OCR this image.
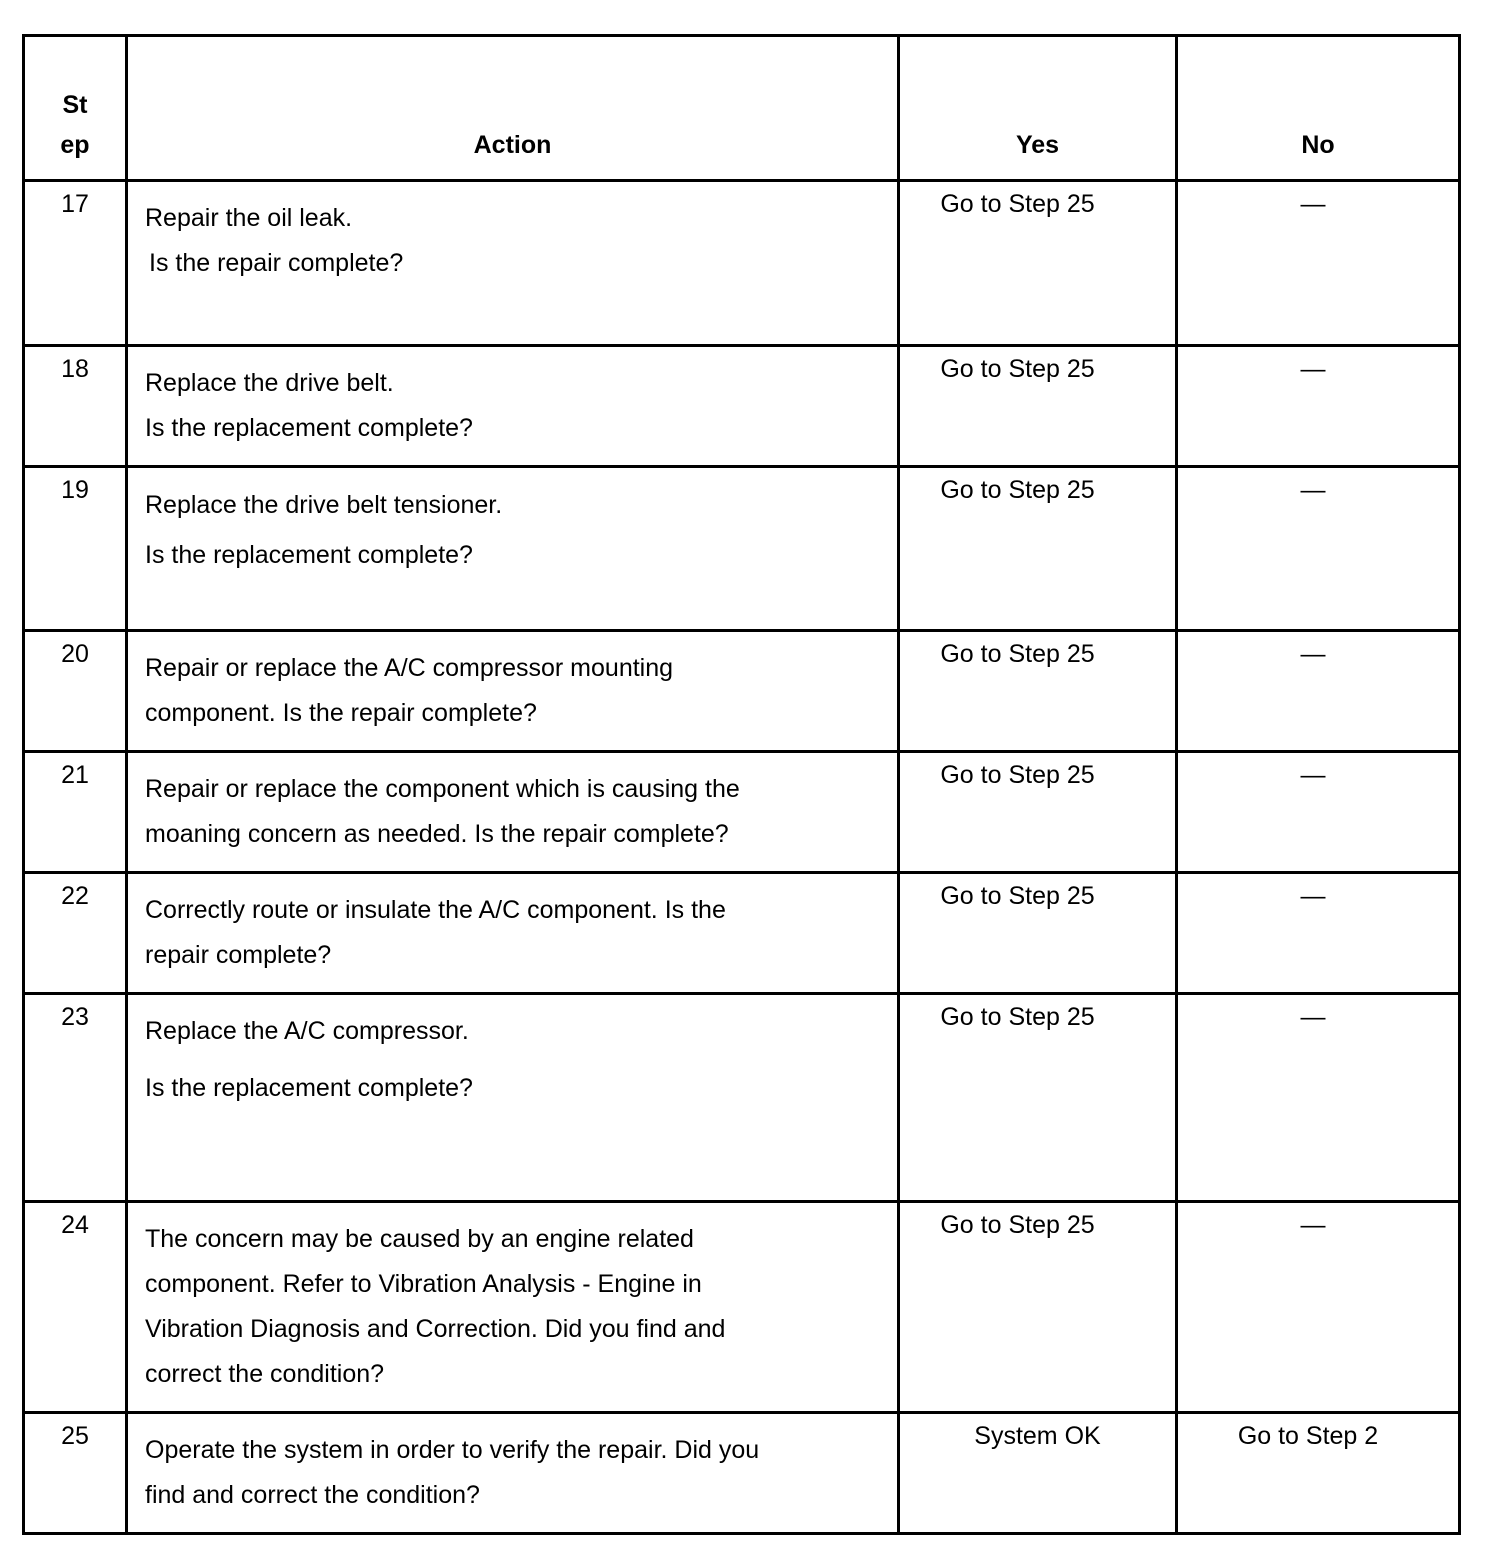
St
ep	Action	Yes	No

17	Repair the oil leak.
Is the repair complete?	Go to Step 25	—

18	Replace the drive belt.
Is the replacement complete?	Go to Step 25	—

19	Replace the drive belt tensioner.
Is the replacement complete?	Go to Step 25	—

20	Repair or replace the A/C compressor mounting
component. Is the repair complete?	Go to Step 25	—

21	Repair or replace the component which is causing the
moaning concern as needed. Is the repair complete?	Go to Step 25	—

22	Correctly route or insulate the A/C component. Is the
repair complete?	Go to Step 25	—

23	Replace the A/C compressor.
Is the replacement complete?	Go to Step 25	—

24	The concern may be caused by an engine related
component. Refer to Vibration Analysis - Engine in
Vibration Diagnosis and Correction. Did you find and
correct the condition?	Go to Step 25	—

25	Operate the system in order to verify the repair. Did you
find and correct the condition?	System OK	Go to Step 2
